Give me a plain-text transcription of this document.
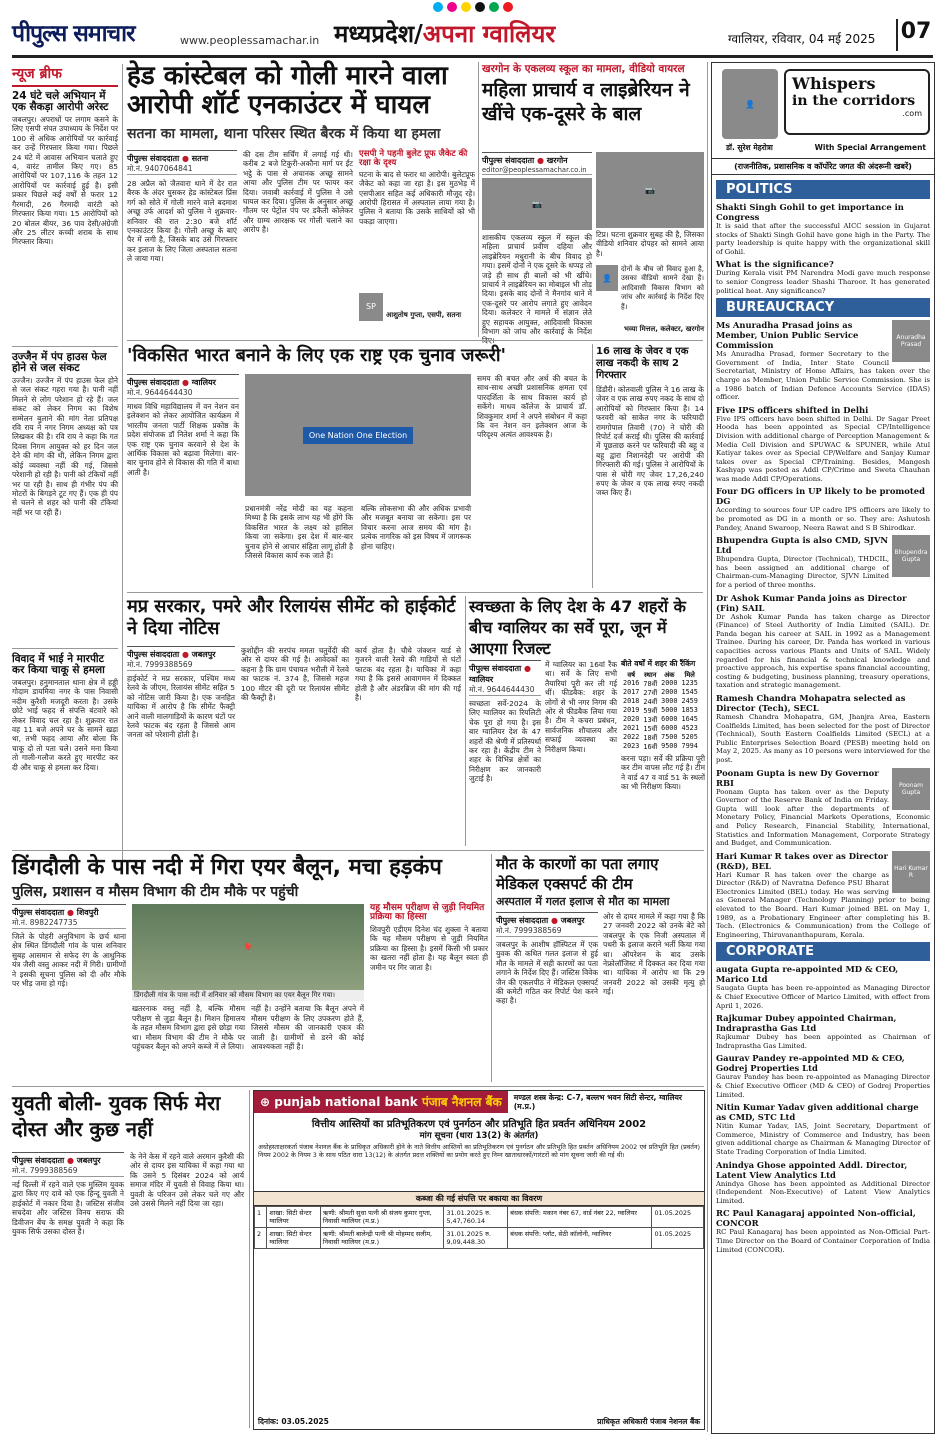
पीपुल्स समाचार	www.peoplessamachar.in मध्यप्रदेश/अपना ग्वालियर	ग्वालियर, रविवार, 04 मई 2025 07
न्यूज ब्रीफ
24 घंटे चले अभियान में एक सैकड़ा आरोपी अरेस्ट
जबलपुर। अपराधों पर लगाम कसने के लिए एसपी संपत उपाध्याय के निर्देश पर 100 से अधिक आरोपियों पर कार्रवाई कर उन्हें गिरफ्तार किया गया। पिछले 24 घंटे में आवास अभियान चलाते हुए 4, वारंट तामील किए गए। 85 आरोपियों पर 107,116 के तहत 12 आरोपियों पर कार्रवाई हुई है। इसी प्रकार पिछले कई वर्षों से फरार 12 गैरमादी, 26 गैरमादी वारंटी को गिरफ्तार किया गया। 15 आरोपियों को 20 बोतल बीयर, 36 पाव देसी/अंग्रेजी और 25 लीटर कच्ची शराब के साथ गिरफ्तार किया।
उज्जैन में पंप हाउस फेल होने से जल संकट
उज्जैन। उज्जैन में पंप हाउस फेल होने से जल संकट गहरा गया है। पानी नहीं मिलने से लोग परेशान हो रहे हैं। जल संकट को लेकर निगम का विशेष सम्मेलन बुलाने की मांग नेता प्रतिपक्ष रवि राय ने नगर निगम अध्यक्ष को पत्र लिखकर की है। रवि राय ने कहा कि गत दिवस निगम आयुक्त को हर दिन जल देने की मांग की थी, लेकिन निगम द्वारा कोई व्यवस्था नहीं की गई, जिससे परेशानी हो रही है। पानी को टंकियों नहीं भर पा रही है। साथ ही गंभीर पंप की मोटरों के बिगड़ने टूट गए हैं। एक ही पंप से चलने से शहर को पानी की टंकियां नहीं भर पा रही हैं।
विवाद में भाई ने मारपीट कर किया चाकू से हमला
जबलपुर। हनुमानताल थाना क्षेत्र में हड्डी गोदाम डायमिया नगर के पास निवासी नदीम कुरैशी मजदूरी करता है। उसके छोटे भाई फहद से संपत्ति बंटवारे को लेकर विवाद चल रहा है। शुक्रवार रात वह 11 बजे अपने घर के सामने खड़ा था, तभी फहद आया और बोला कि चाकू दो तो पता चले। उसने मना किया तो गाली-गलौज करते हुए मारपीट कर दी और चाकू से हमला कर दिया।
हेड कांस्टेबल को गोली मारने वाला आरोपी शॉर्ट एनकाउंटर में घायल
सतना का मामला, थाना परिसर स्थित बैरक में किया था हमला
पीपुल्स संवाददाता ● सतना
मो.नं. 9407064841
28 अप्रैल को जैतवारा थाने में देर रात बैरक के अंदर घुसकर हेड कांस्टेबल प्रिंस गर्ग को सोते में गोली मारने वाले बदमाश अच्छू उर्फ आदर्श को पुलिस ने शुक्रवार-शनिवार की रात 2:30 बजे शॉर्ट एनकाउंटर किया है। गोली अच्छू के बाएं पैर में लगी है, जिसके बाद उसे गिरफ्तार कर इलाज के लिए जिला अस्पताल सतना ले जाया गया।
की दस टीम सर्चिंग में लगाई गई थी। करीब 2 बजे टिकुरी-अकौना मार्ग पर ईंट भट्ठे के पास से अचानक अच्छू सामने आया और पुलिस टीम पर फायर कर दिया। जवाबी कार्रवाई में पुलिस ने उसे घायल कर दिया। पुलिस के अनुसार अच्छू गौतम पर पेट्रोल पंप पर डकैती कोलेकर और ग्राम्य आरक्षक पर गोली चलाने का आरोप है।
एसपी ने पहनी बुलेट प्रूफ जैकेट की रक्षा के दृश्य
घटना के बाद से फरार था आरोपी। बुलेटप्रूफ जैकेट को कहा जा रहा है। इस मुठभेड़ में एसपीआर सहित कई अधिकारी मौजूद रहे। आरोपी हिरासत में अस्पताल लाया गया है। पुलिस ने बताया कि उसके साथियों को भी पकड़ा जाएगा।
SP
आशुतोष गुप्ता, एसपी, सतना
खरगोन के एकलव्य स्कूल का मामला, वीडियो वायरल
महिला प्राचार्य व लाइब्रेरियन ने खींचे एक-दूसरे के बाल
पीपुल्स संवाददाता ● खरगोन
editor@peoplessamachar.co.in
📷
शासकीय एकलव्य स्कूल में स्कूल की महिला प्राचार्य प्रवीण दहिया और लाइब्रेरियन मधुरानी के बीच विवाद हो गया। इसमें दोनों ने एक दूसरे के थप्पड़ तो जड़े ही साथ ही बालों को भी खींचे। प्राचार्य ने लाइब्रेरियन का मोबाइल भी तोड़ दिया। इसके बाद दोनों ने मैनगांव थाने में एक-दूसरे पर आरोप लगाते हुए आवेदन दिया। कलेक्टर ने मामले में संज्ञान लेते हुए सहायक आयुक्त, आदिवासी विकास विभाग को जांच और कार्रवाई के निर्देश
📷
टिप्र। घटना शुक्रवार सुबह की है, जिसका वीडियो शनिवार दोपहर को सामने आया है।
👤
दोनों के बीच जो विवाद हुआ है, उसका वीडियो सामने देखा है। आदिवासी विकास विभाग को जांच और कार्रवाई के निर्देश दिए हैं।
भव्या मित्तल, कलेक्टर, खरगोन
'विकसित भारत बनाने के लिए एक राष्ट्र एक चुनाव जरूरी'
पीपुल्स संवाददाता ● ग्वालियर
मो.नं. 9644644430
माधव विधि महाविद्यालय में वन नेशन वन इलेक्शन को लेकर आयोजित कार्यक्रम में भारतीय जनता पार्टी शिक्षक प्रकोष्ठ के प्रदेश संयोजक डॉ नितेश शर्मा ने कहा कि एक राष्ट्र एक चुनाव करवाने से देश के आर्थिक विकास को बढ़ावा मिलेगा। बार-बार चुनाव होने से विकास की गति में बाधा आती है।
One Nation One Election
प्रधानमंत्री नरेंद्र मोदी का यह कहना मिथ्या है कि इसके लाभ यह भी होंगे कि विकसित भारत के लक्ष्य को हासिल किया जा सकेगा। इस देश में बार-बार चुनाव होने से आचार संहिता लागू होती है जिससे विकास कार्य रुक जाते हैं।
बल्कि लोकसभा की और अधिक प्रभावी और मजबूत बनाया जा सकेगा। इस पर विचार करना आज समय की मांग है। प्रत्येक नागरिक को इस विषय में जागरूक होना चाहिए।
समय की बचत और अर्थ की बचत के साथ-साथ अच्छी प्रशासनिक क्षमता एवं पारदर्शिता के साथ विकास कार्य हो सकेंगे। माधव कॉलेज के प्राचार्य डॉ. शिवकुमार शर्मा ने अपने संबोधन में कहा कि वन नेशन वन इलेक्शन आज के परिदृश्य अत्यंत आवश्यक है।
16 लाख के जेवर व एक लाख नकदी के साथ 2 गिरफ्तार
डिंडौरी। कोतवाली पुलिस ने 16 लाख के जेवर व एक लाख रुपए नकद के साथ दो आरोपियों को गिरफ्तार किया है। 14 फरवरी को साकेत नगर के फरियादी रामगोपाल तिवारी (70) ने चोरी की रिपोर्ट दर्ज कराई थी। पुलिस की कार्रवाई में पूछताछ करने पर फरियादी की बहू व बहू द्वारा निशानदेही पर आरोपी की गिरफ्तारी की गई। पुलिस ने आरोपियों के पास से चोरी गए जेवर 17,26,240 रुपए के जेवर व एक लाख रुपए नकदी जब्त किए हैं।
मप्र सरकार, पमरे और रिलायंस सीमेंट को हाईकोर्ट ने दिया नोटिस
पीपुल्स संवाददाता ● जबलपुर
मो.नं. 7999388569
हाईकोर्ट ने मप्र सरकार, पश्चिम मध्य रेलवे के जीएम, रिलायंस सीमेंट सहित 5 को नोटिस जारी किया है। एक जनहित याचिका में आरोप है कि सीमेंट फैक्ट्री आने वाली मालगाड़ियों के कारण घंटों पर रेलवे फाटक बंद रहता है जिससे आम जनता को परेशानी होती है।
कुशोद्दीन की सरपंच ममता चतुर्वेदी की ओर से दायर की गई है। आवेदकों का कहना है कि ग्राम पंचायत भरौली में रेलवे का फाटक नं. 374 है, जिससे महज 100 मीटर की दूरी पर रिलायंस सीमेंट की फैक्ट्री है।
कार्य होता है। चौथे जंक्शन यार्ड से गुजरने वाली रेलवे की गाड़ियों से घंटों फाटक बंद रहता है। याचिका में कहा गया है कि इससे आवागमन में दिक्कत होती है और अंडरब्रिज की मांग की गई है।
स्वच्छता के लिए देश के 47 शहरों के बीच ग्वालियर का सर्वे पूरा, जून में आएगा रिजल्ट
पीपुल्स संवाददाता ● ग्वालियर
मो.नं. 9644644430
स्वच्छता सर्वे-2024 के लिए ग्वालियर का रियलिटी चेक पूरा हो गया है। इस बार ग्वालियर देश के 47 शहरों की श्रेणी में प्रतिस्पर्धा कर रहा है। केंद्रीय टीम ने शहर के विभिन्न क्षेत्रों का निरीक्षण कर जानकारी जुटाई है।
में ग्वालियर का 16वां रैंक था। सर्वे के लिए सभी तैयारियां पूरी कर ली गई थीं। फीडबैक: शहर के लोगों से भी नगर निगम की ओर से फीडबैक लिया गया है। टीम ने कचरा प्रबंधन, सार्वजनिक शौचालय और सफाई व्यवस्था का निरीक्षण किया।
बीते वर्षों में शहर की रैंकिंग
वर्ष	स्थान	अंक	मिले
2016	78वीं	2000	1235
2017	27वीं	2000	1545
2018	24वीं	3000	2459
2019	59वीं	5000	1853
2020	13वीं	6000	1645
2021	15वीं	6000	4523
2022	18वीं	7500	5205
2023	16वीं	9500	7994
करना पड़ा। सर्वे की प्रक्रिया पूरी कर टीम वापस लौट गई है। टीम ने वार्ड 47 व वार्ड 51 के स्थलों का भी निरीक्षण किया।
डिंगदौली के पास नदी में गिरा एयर बैलून, मचा हड़कंप
पुलिस, प्रशासन व मौसम विभाग की टीम मौके पर पहुंची
पीपुल्स संवाददाता ● शिवपुरी
मो.नं. 8982247735
जिले के पोहरी अनुविभाग के छर्च थाना क्षेत्र स्थित डिंगदौली गांव के पास शनिवार सुबह आसमान से सफेद रंग के आधुनिक यंत्र जैसी वस्तु आकर नदी में गिरी। ग्रामीणों ने इसकी सूचना पुलिस को दी और मौके पर भीड़ जमा हो गई।
🎈
डिंगदौली गांव के पास नदी में शनिवार को मौसम विभाग का एयर बैलून गिर गया।
खतरनाक वस्तु नहीं है, बल्कि मौसम परीक्षण से जुड़ा बैलून है। मिशन हिमालय के तहत मौसम विभाग द्वारा इसे छोड़ा गया था। मौसम विभाग की टीम ने मौके पर पहुंचकर बैलून को अपने कब्जे में ले लिया।
नहीं है। उन्होंने बताया कि बैलून अपने में मौसम परीक्षण के लिए उपकरण होते हैं, जिससे मौसम की जानकारी एकत्र की जाती है। ग्रामीणों से डरने की कोई आवश्यकता नहीं है।
यह मौसम परीक्षण से जुड़ी नियमित प्रक्रिया का हिस्सा
शिवपुरी एडीएम दिनेश चंद शुक्ला ने बताया कि यह मौसम परीक्षण से जुड़ी नियमित प्रक्रिया का हिस्सा है। इसमें किसी भी प्रकार का खतरा नहीं होता है। यह बैलून स्वतः ही जमीन पर गिर जाता है।
मौत के कारणों का पता लगाए मेडिकल एक्सपर्ट की टीम
अस्पताल में गलत इलाज से मौत का मामला
पीपुल्स संवाददाता ● जबलपुर
मो.नं. 7999388569
जबलपुर के आशीष हॉस्पिटल में एक युवक की कथित गलत इलाज से हुई मौत के मामले में सही कारणों का पता लगाने के निर्देश दिए हैं। जस्टिस विवेक जैन की एकलपीठ ने मेडिकल एक्सपर्ट की कमेटी गठित कर रिपोर्ट पेश करने कहा है।
ओर से दायर मामले में कहा गया है कि 27 जनवरी 2022 को उनके बेटे को जबलपुर के एक निजी अस्पताल में पथरी के इलाज कराने भर्ती किया गया था। ऑपरेशन के बाद उसके नेफ्रोलॉजिस्ट में दिक्कत कर दिया गया था। याचिका में आरोप था कि 29 जनवरी 2022 को उसकी मृत्यु हो गई।
युवती बोली- युवक सिर्फ मेरा दोस्त और कुछ नहीं
पीपुल्स संवाददाता ● जबलपुर
मो.नं. 7999388569
नई दिल्ली में रहने वाले एक मुस्लिम युवक द्वारा किए गए दावे को एक हिन्दू युवती ने हाईकोर्ट में नकार दिया है। जस्टिस संजीव सचदेवा और जस्टिस विनय सराफ की डिवीजन बेंच के समक्ष युवती ने कहा कि युवक सिर्फ उसका दोस्त है।
के नेने केस में रहने वाले अरमान कुरैशी की ओर से दायर इस याचिका में कहा गया था कि उसने 5 दिसंबर 2024 को आर्य समाज मंदिर में युवती से विवाह किया था। युवती के परिजन उसे लेकर चले गए और उसे उससे मिलने नहीं दिया जा रहा।
⊕ punjab national bank पंजाब नैशनल बैंक	मण्डल शस्त्र केन्द्र: C-7, बल्लभ भवन सिटी सेन्टर, ग्वालियर (म.प्र.)
वित्तीय आस्तियों का प्रतिभूतिकरण एवं पुनर्गठन और प्रतिभूति हित प्रवर्तन अधिनियम 2002
मांग सूचना (धारा 13(2) के अंतर्गत)
अधोहस्ताक्षरकर्ता पंजाब नेशनल बैंक के प्राधिकृत अधिकारी होने के नाते वित्तीय आस्तियों का प्रतिभूतिकरण एवं पुनर्गठन और प्रतिभूति हित प्रवर्तन अधिनियम 2002 एवं प्रतिभूति हित (प्रवर्तन) नियम 2002 के नियम 3 के साथ पठित धारा 13(12) के अंतर्गत प्रदत्त शक्तियों का प्रयोग करते हुए निम्न खाताधारकों/गारंटरों को मांग सूचना जारी की गई थी।
कब्जा की गई संपत्ति पर बकाया का विवरण
1	शाखा: सिटी सेन्टर ग्वालियर	ऋणी: श्रीमती सुधा पत्नी श्री संजय कुमार गुप्ता, निवासी ग्वालियर (म.प्र.)	31.01.2025 रु. 5,47,760.14	बंधक संपत्ति: मकान नंबर 67, वार्ड नंबर 22, ग्वालियर	01.05.2025
2	शाखा: सिटी सेन्टर ग्वालियर	ऋणी: श्रीमती बालेन्द्री पत्नी श्री मोहम्मद सलीम, निवासी ग्वालियर (म.प्र.)	31.01.2025 रु. 9,09,448.30	बंधक संपत्ति: प्लॉट, सेठी कॉलोनी, ग्वालियर	01.05.2025
दिनांक: 03.05.2025	प्राधिकृत अधिकारी पंजाब नेशनल बैंक
👤
Whispers
in the corridors
.com
डॉ. सुरेश मेहरोत्रा	With Special Arrangement
(राजनीतिक, प्रशासनिक व कॉर्पोरेट जगत की अंदरूनी खबरें)
POLITICS
Shakti Singh Gohil to get importance in Congress
It is said that after the successful AICC session in Gujarat stocks of Shakti Singh Gohil have gone high in the Party. The party leadership is quite happy with the organizational skill of Gohil.
What is the significance?
During Kerala visit PM Narendra Modi gave much response to senior Congress leader Shashi Tharoor. It has generated political heat. Any significance?
BUREAUCRACY
Anuradha Prasad
Ms Anuradha Prasad joins as Member, Union Public Service Commission
Ms Anuradha Prasad, former Secretary to the Government of India, Inter State Council Secretariat, Ministry of Home Affairs, has taken over the charge as Member, Union Public Service Commission. She is a 1986 batch of Indian Defence Accounts Service (IDAS) officer.
Five IPS officers shifted in Delhi
Five IPS officers have been shifted in Delhi. Dr Sagar Preet Hooda has been appointed as Special CP/Intelligence Division with additional charge of Perception Management & Media Cell Division and SPUWAC & SPUNER, while Atul Katiyar takes over as Special CP/Welfare and Sanjay Kumar takes over as Special CP/Training. Besides, Mangesh Kashyap was posted as Addl CP/Crime and Sweta Chauhan was made Addl CP/Operations.
Four DG officers in UP likely to be promoted DG
According to sources four UP cadre IPS officers are likely to be promoted as DG in a month or so. They are: Ashutosh Pandey, Anand Swaroop, Neera Rawat and S B Shirodkar.
Bhupendra Gupta
Bhupendra Gupta is also CMD, SJVN Ltd
Bhupendra Gupta, Director (Technical), THDCIL, has been assigned an additional charge of Chairman-cum-Managing Director, SJVN Limited for a period of three months.
Dr Ashok Kumar Panda joins as Director (Fin) SAIL
Dr Ashok Kumar Panda has taken charge as Director (Finance) of Steel Authority of India Limited (SAIL). Dr. Panda began his career at SAIL in 1992 as a Management Trainee. During his career, Dr. Panda has worked in various capacities across various Plants and Units of SAIL. Widely regarded for his financial & technical knowledge and proactive approach, his expertise spans financial accounting, costing & budgeting, business planning, treasury operations, taxation and strategic management.
Ramesh Chandra Mohapatra selected as Director (Tech), SECL
Ramesh Chandra Mohapatra, GM, Jhanjra Area, Eastern Coalfields Limited, has been selected for the post of Director (Technical), South Eastern Coalfields Limited (SECL) at a Public Enterprises Selection Board (PESB) meeting held on May 2, 2025. As many as 10 persons were interviewed for the post.
Poonam Gupta
Poonam Gupta is new Dy Governor RBI
Poonam Gupta has taken over as the Deputy Governor of the Reserve Bank of India on Friday. Gupta will look after the departments of Monetary Policy, Financial Markets Operations, Economic and Policy Research, Financial Stability, International, Statistics and Information Management, Corporate Strategy and Budget, and Communication.
Hari Kumar R
Hari Kumar R takes over as Director (R&D), BEL
Hari Kumar R has taken over the charge as Director (R&D) of Navratna Defence PSU Bharat Electronics Limited (BEL) today. He was serving as General Manager (Technology Planning) prior to being elevated to the Board. Hari Kumar joined BEL on May 1, 1989, as a Probationary Engineer after completing his B. Tech. (Electronics & Communication) from the College of Engineering, Thiruvananthapuram, Kerala.
CORPORATE
augata Gupta re-appointed MD & CEO, Marico Ltd
Saugata Gupta has been re-appointed as Managing Director & Chief Executive Officer of Marico Limited, with effect from April 1, 2026.
Rajkumar Dubey appointed Chairman, Indraprastha Gas Ltd
Rajkumar Dubey has been appointed as Chairman of Indraprastha Gas Limited.
Gaurav Pandey re-appointed MD & CEO, Godrej Properties Ltd
Gaurav Pandey has been re-appointed as Managing Director & Chief Executive Officer (MD & CEO) of Godrej Properties Limited.
Nitin Kumar Yadav given additional charge as CMD, STC Ltd
Nitin Kumar Yadav, IAS, Joint Secretary, Department of Commerce, Ministry of Commerce and Industry, has been given additional charge as Chairman & Managing Director of State Trading Corporation of India Limited.
Anindya Ghose appointed Addl. Director, Latent View Analytics Ltd
Anindya Ghose has been appointed as Additional Director (Independent Non-Executive) of Latent View Analytics Limited.
RC Paul Kanagaraj appointed Non-official, CONCOR
RC Paul Kanagaraj has been appointed as Non-Official Part-Time Director on the Board of Container Corporation of India Limited (CONCOR).
